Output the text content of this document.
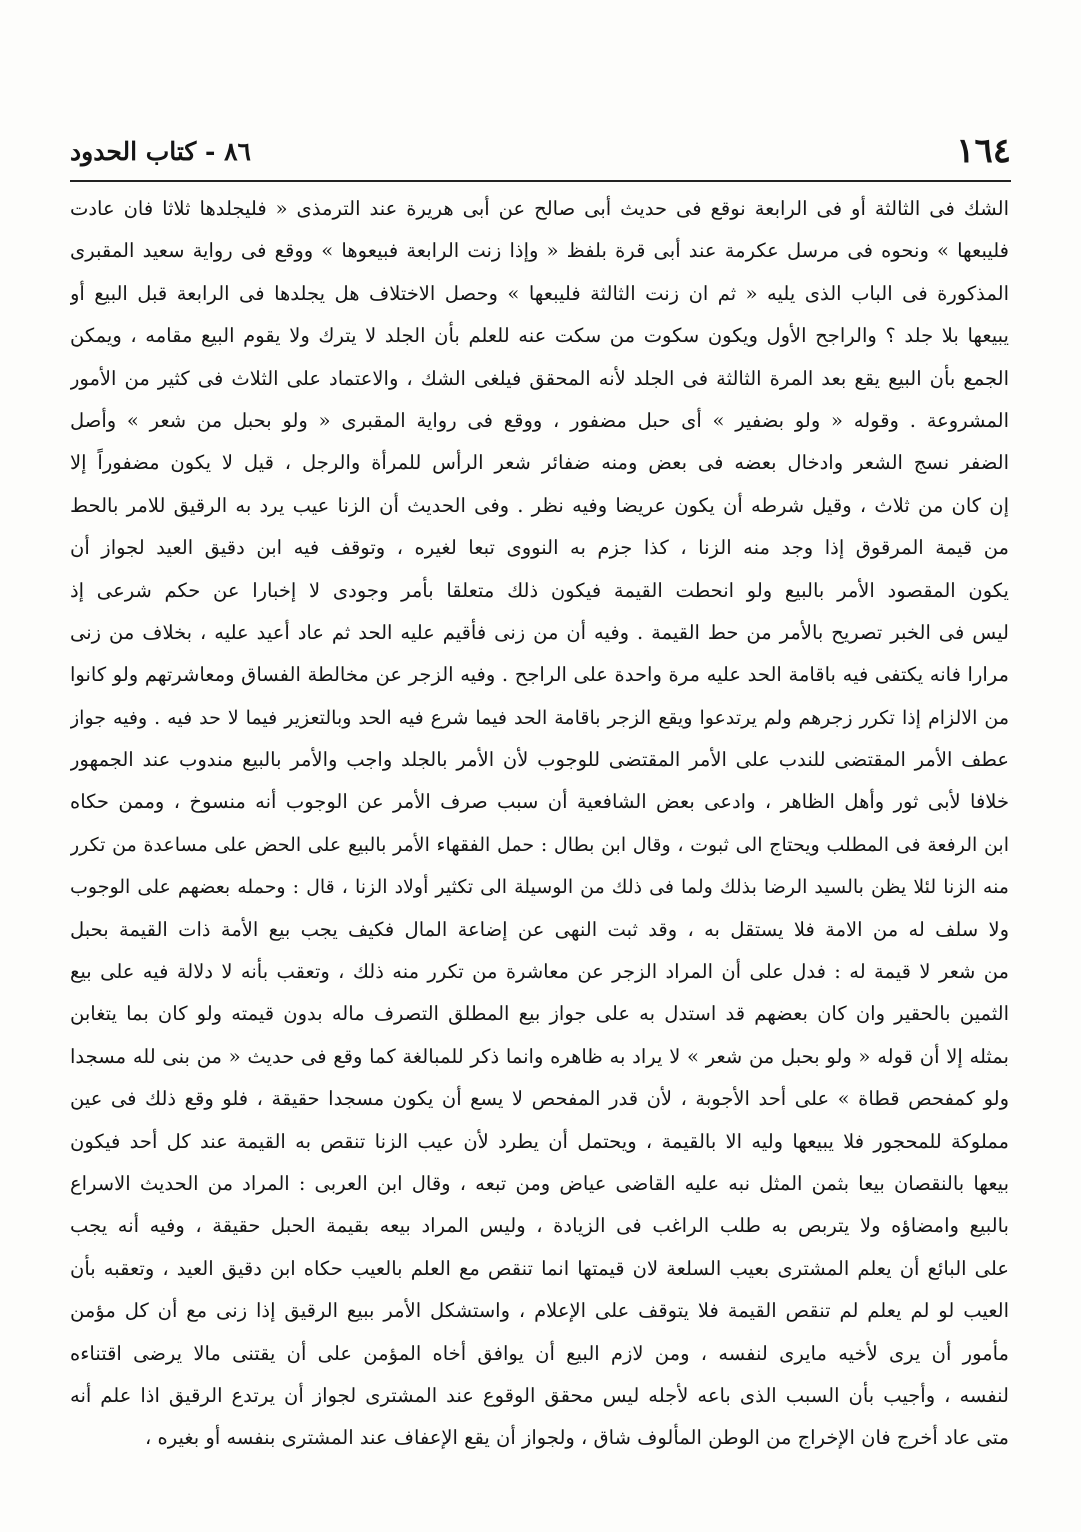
١٦٤
٨٦ - كتاب الحدود
الشك فى الثالثة أو فى الرابعة نوقع فى حديث أبى صالح عن أبى هريرة عند الترمذى « فليجلدها ثلاثا فان عادت
فليبعها » ونحوه فى مرسل عكرمة عند أبى قرة بلفظ « وإذا زنت الرابعة فبيعوها » ووقع فى رواية سعيد المقبرى
المذكورة فى الباب الذى يليه « ثم ان زنت الثالثة فليبعها » وحصل الاختلاف هل يجلدها فى الرابعة قبل البيع أو
يبيعها بلا جلد ؟ والراجح الأول ويكون سكوت من سكت عنه للعلم بأن الجلد لا يترك ولا يقوم البيع مقامه ، ويمكن
الجمع بأن البيع يقع بعد المرة الثالثة فى الجلد لأنه المحقق فيلغى الشك ، والاعتماد على الثلاث فى كثير من الأمور
المشروعة . وقوله « ولو بضفير » أى حبل مضفور ، ووقع فى رواية المقبرى « ولو بحبل من شعر » وأصل
الضفر نسج الشعر وادخال بعضه فى بعض ومنه ضفائر شعر الرأس للمرأة والرجل ، قيل لا يكون مضفوراً إلا
إن كان من ثلاث ، وقيل شرطه أن يكون عريضا وفيه نظر . وفى الحديث أن الزنا عيب يرد به الرقيق للامر بالحط
من قيمة المرقوق إذا وجد منه الزنا ، كذا جزم به النووى تبعا لغيره ، وتوقف فيه ابن دقيق العيد لجواز أن
يكون المقصود الأمر بالبيع ولو انحطت القيمة فيكون ذلك متعلقا بأمر وجودى لا إخبارا عن حكم شرعى إذ
ليس فى الخبر تصريح بالأمر من حط القيمة . وفيه أن من زنى فأقيم عليه الحد ثم عاد أعيد عليه ، بخلاف من زنى
مرارا فانه يكتفى فيه باقامة الحد عليه مرة واحدة على الراجح . وفيه الزجر عن مخالطة الفساق ومعاشرتهم ولو كانوا
من الالزام إذا تكرر زجرهم ولم يرتدعوا ويقع الزجر باقامة الحد فيما شرع فيه الحد وبالتعزير فيما لا حد فيه . وفيه جواز
عطف الأمر المقتضى للندب على الأمر المقتضى للوجوب لأن الأمر بالجلد واجب والأمر بالبيع مندوب عند الجمهور
خلافا لأبى ثور وأهل الظاهر ، وادعى بعض الشافعية أن سبب صرف الأمر عن الوجوب أنه منسوخ ، وممن حكاه
ابن الرفعة فى المطلب ويحتاج الى ثبوت ، وقال ابن بطال : حمل الفقهاء الأمر بالبيع على الحض على مساعدة من تكرر
منه الزنا لئلا يظن بالسيد الرضا بذلك ولما فى ذلك من الوسيلة الى تكثير أولاد الزنا ، قال : وحمله بعضهم على الوجوب
ولا سلف له من الامة فلا يستقل به ، وقد ثبت النهى عن إضاعة المال فكيف يجب بيع الأمة ذات القيمة بحبل
من شعر لا قيمة له : فدل على أن المراد الزجر عن معاشرة من تكرر منه ذلك ، وتعقب بأنه لا دلالة فيه على بيع
الثمين بالحقير وان كان بعضهم قد استدل به على جواز بيع المطلق التصرف ماله بدون قيمته ولو كان بما يتغابن
بمثله إلا أن قوله « ولو بحبل من شعر » لا يراد به ظاهره وانما ذكر للمبالغة كما وقع فى حديث « من بنى لله مسجدا
ولو كمفحص قطاة » على أحد الأجوبة ، لأن قدر المفحص لا يسع أن يكون مسجدا حقيقة ، فلو وقع ذلك فى عين
مملوكة للمحجور فلا يبيعها وليه الا بالقيمة ، ويحتمل أن يطرد لأن عيب الزنا تنقص به القيمة عند كل أحد فيكون
بيعها بالنقصان بيعا بثمن المثل نبه عليه القاضى عياض ومن تبعه ، وقال ابن العربى : المراد من الحديث الاسراع
بالبيع وامضاؤه ولا يتربص به طلب الراغب فى الزيادة ، وليس المراد بيعه بقيمة الحبل حقيقة ، وفيه أنه يجب
على البائع أن يعلم المشترى بعيب السلعة لان قيمتها انما تنقص مع العلم بالعيب حكاه ابن دقيق العيد ، وتعقبه بأن
العيب لو لم يعلم لم تنقص القيمة فلا يتوقف على الإعلام ، واستشكل الأمر ببيع الرقيق إذا زنى مع أن كل مؤمن
مأمور أن يرى لأخيه مايرى لنفسه ، ومن لازم البيع أن يوافق أخاه المؤمن على أن يقتنى مالا يرضى اقتناءه
لنفسه ، وأجيب بأن السبب الذى باعه لأجله ليس محقق الوقوع عند المشترى لجواز أن يرتدع الرقيق اذا علم أنه
متى عاد أخرج فان الإخراج من الوطن المألوف شاق ، ولجواز أن يقع الإعفاف عند المشترى بنفسه أو بغيره ،
